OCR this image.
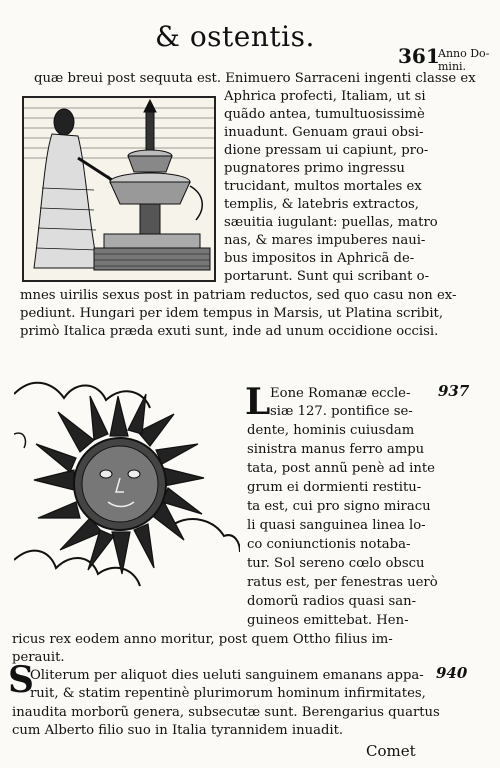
& ostentis.
361
Anno Do-
mini.
quæ breui post sequuta est. Enimuero Sarraceni ingenti classe ex
Aphrica profecti, Italiam, ut si
quãdo antea, tumultuosissimè
inuadunt. Genuam graui obsi-
dione pressam ui capiunt, pro-
pugnatores primo ingressu
trucidant, multos mortales ex
templis, & latebris extractos,
sæuitia iugulant: puellas, matro
nas, & mares impuberes naui-
bus impositos in Aphricã de-
portarunt. Sunt qui scribant o-
mnes uirilis sexus post in patriam reductos, sed quo casu non ex-
pediunt. Hungari per idem tempus in Marsis, ut Platina scribit,
primò Italica præda exuti sunt, inde ad unum occidione occisi.
L	937
Eone Romanæ eccle-
siæ 127. pontifice se-
dente, hominis cuiusdam
sinistra manus ferro ampu
tata, post annũ penè ad inte
grum ei dormienti restitu-
ta est, cui pro signo miracu
li quasi sanguinea linea lo-
co coniunctionis notaba-
tur. Sol sereno cœlo obscu
ratus est, per fenestras uerò
domorũ radios quasi san-
guineos emittebat. Hen-
ricus rex eodem anno moritur, post quem Ottho filius im-
perauit.
S	940
Oliterum per aliquot dies ueluti sanguinem emanans appa-
ruit, & statim repentinè plurimorum hominum infirmitates,
inaudita morborũ genera, subsecutæ sunt. Berengarius quartus
cum Alberto filio suo in Italia tyrannidem inuadit.
Comet
